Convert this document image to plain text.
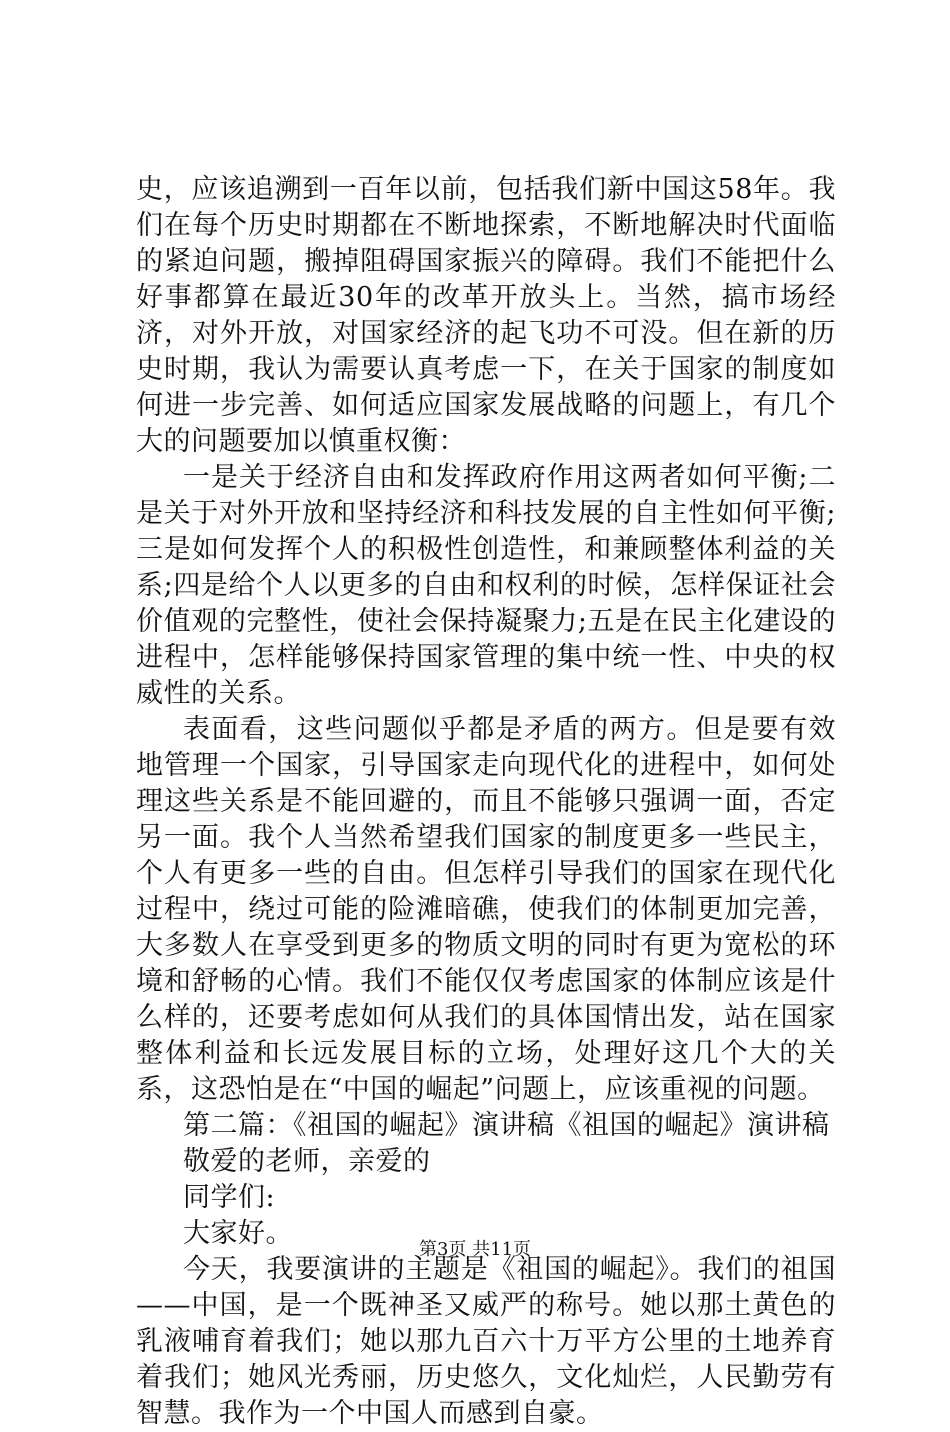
史，应该追溯到一百年以前，包括我们新中国这58年。我们在每个历史时期都在不断地探索，不断地解决时代面临的紧迫问题，搬掉阻碍国家振兴的障碍。我们不能把什么好事都算在最近30年的改革开放头上。当然，搞市场经济，对外开放，对国家经济的起飞功不可没。但在新的历史时期，我认为需要认真考虑一下，在关于国家的制度如何进一步完善、如何适应国家发展战略的问题上，有几个大的问题要加以慎重权衡：

一是关于经济自由和发挥政府作用这两者如何平衡;二是关于对外开放和坚持经济和科技发展的自主性如何平衡;三是如何发挥个人的积极性创造性，和兼顾整体利益的关系;四是给个人以更多的自由和权利的时候，怎样保证社会价值观的完整性，使社会保持凝聚力;五是在民主化建设的进程中，怎样能够保持国家管理的集中统一性、中央的权威性的关系。

表面看，这些问题似乎都是矛盾的两方。但是要有效地管理一个国家，引导国家走向现代化的进程中，如何处理这些关系是不能回避的，而且不能够只强调一面，否定另一面。我个人当然希望我们国家的制度更多一些民主，个人有更多一些的自由。但怎样引导我们的国家在现代化过程中，绕过可能的险滩暗礁，使我们的体制更加完善，大多数人在享受到更多的物质文明的同时有更为宽松的环境和舒畅的心情。我们不能仅仅考虑国家的体制应该是什么样的，还要考虑如何从我们的具体国情出发，站在国家整体利益和长远发展目标的立场，处理好这几个大的关系，这恐怕是在“中国的崛起”问题上，应该重视的问题。

第二篇：《祖国的崛起》演讲稿《祖国的崛起》演讲稿

敬爱的老师，亲爱的

同学们:

大家好。

今天，我要演讲的主题是《祖国的崛起》。我们的祖国——中国，是一个既神圣又威严的称号。她以那土黄色的乳液哺育着我们；她以那九百六十万平方公里的土地养育着我们；她风光秀丽，历史悠久，文化灿烂，人民勤劳有智慧。我作为一个中国人而感到自豪。

第3页 共11页
